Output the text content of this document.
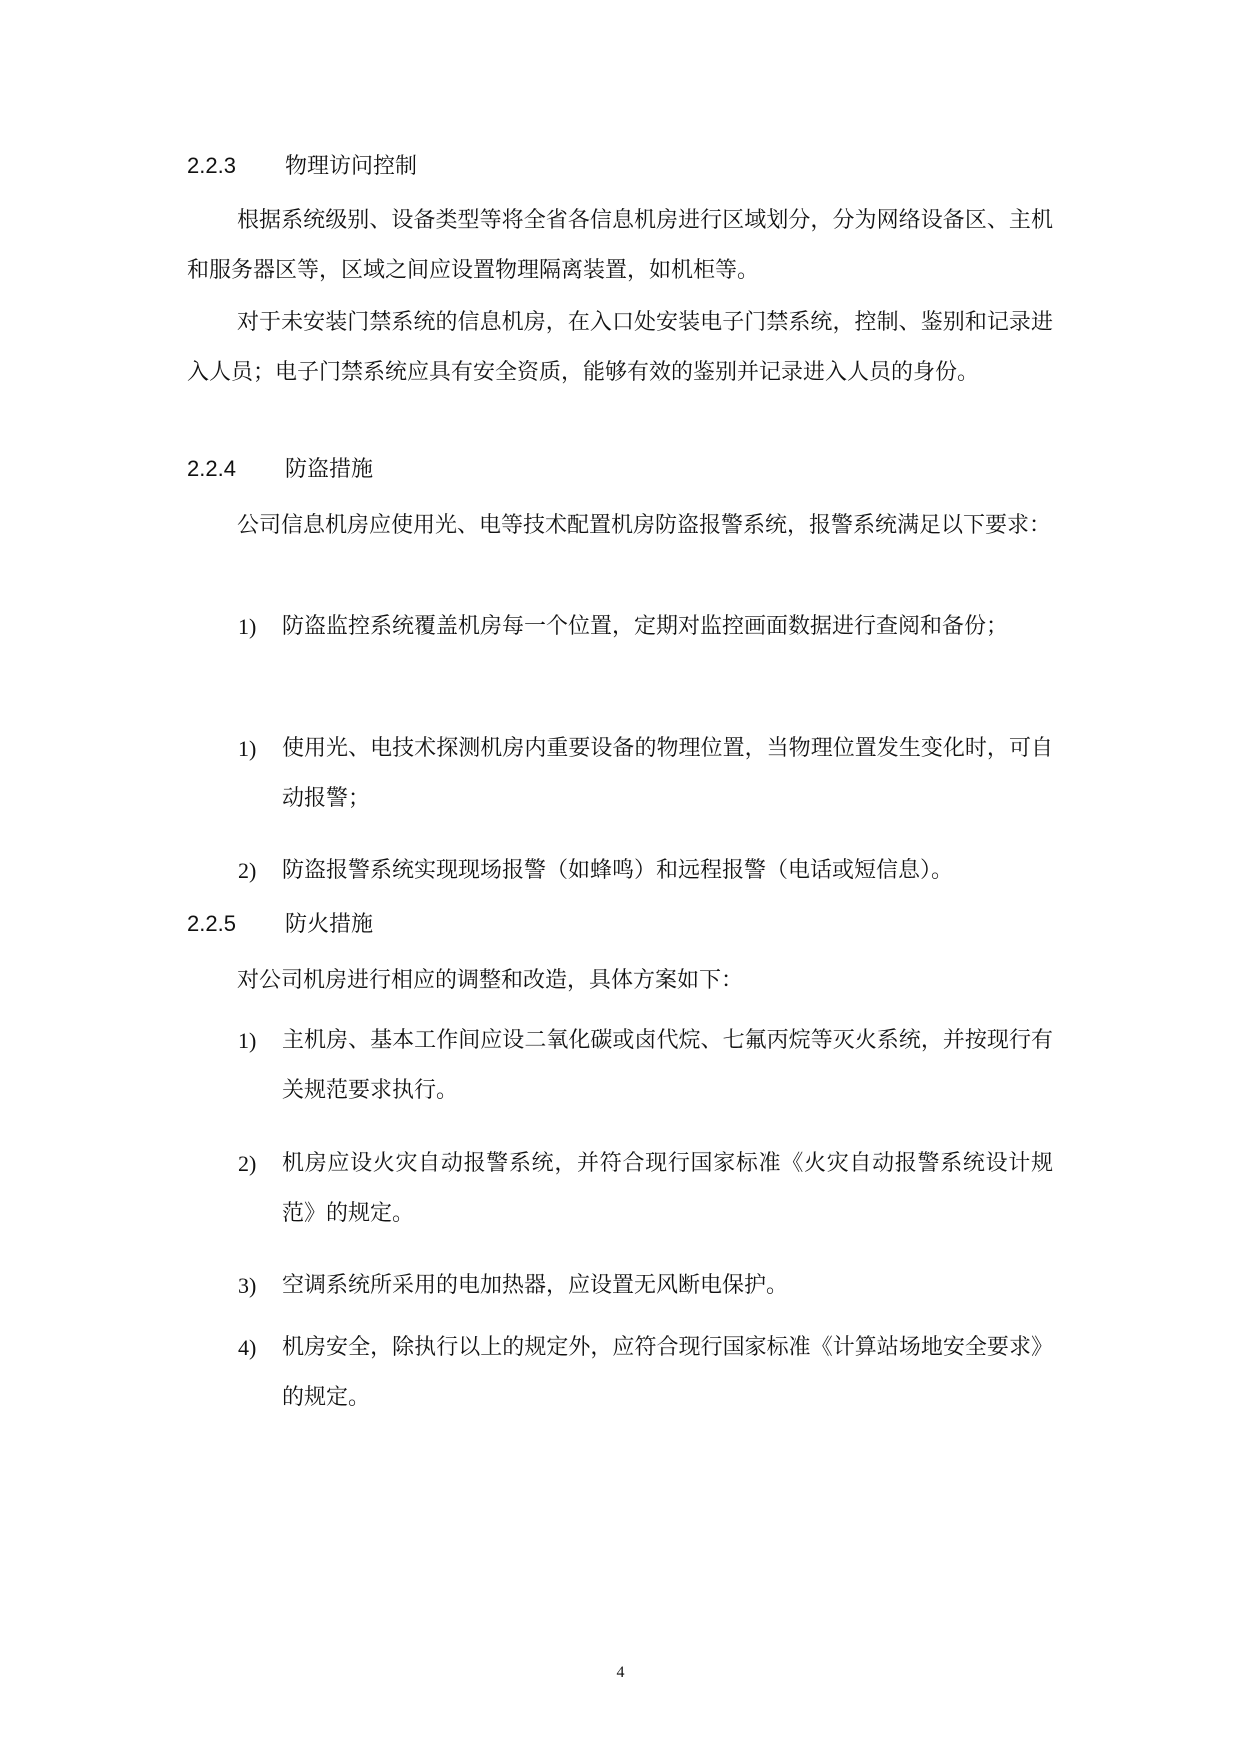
2.2.3 物理访问控制

根据系统级别、设备类型等将全省各信息机房进行区域划分，分为网络设备区、主机和服务器区等，区域之间应设置物理隔离装置，如机柜等。

对于未安装门禁系统的信息机房，在入口处安装电子门禁系统，控制、鉴别和记录进入人员；电子门禁系统应具有安全资质，能够有效的鉴别并记录进入人员的身份。

2.2.4 防盗措施

公司信息机房应使用光、电等技术配置机房防盗报警系统，报警系统满足以下要求：

1) 防盗监控系统覆盖机房每一个位置，定期对监控画面数据进行查阅和备份；
1) 使用光、电技术探测机房内重要设备的物理位置，当物理位置发生变化时，可自动报警；
2) 防盗报警系统实现现场报警（如蜂鸣）和远程报警（电话或短信息）。
2.2.5 防火措施

对公司机房进行相应的调整和改造，具体方案如下：

1) 主机房、基本工作间应设二氧化碳或卤代烷、七氟丙烷等灭火系统，并按现行有关规范要求执行。
2) 机房应设火灾自动报警系统，并符合现行国家标准《火灾自动报警系统设计规范》的规定。
3) 空调系统所采用的电加热器，应设置无风断电保护。
4) 机房安全，除执行以上的规定外，应符合现行国家标准《计算站场地安全要求》的规定。
4
